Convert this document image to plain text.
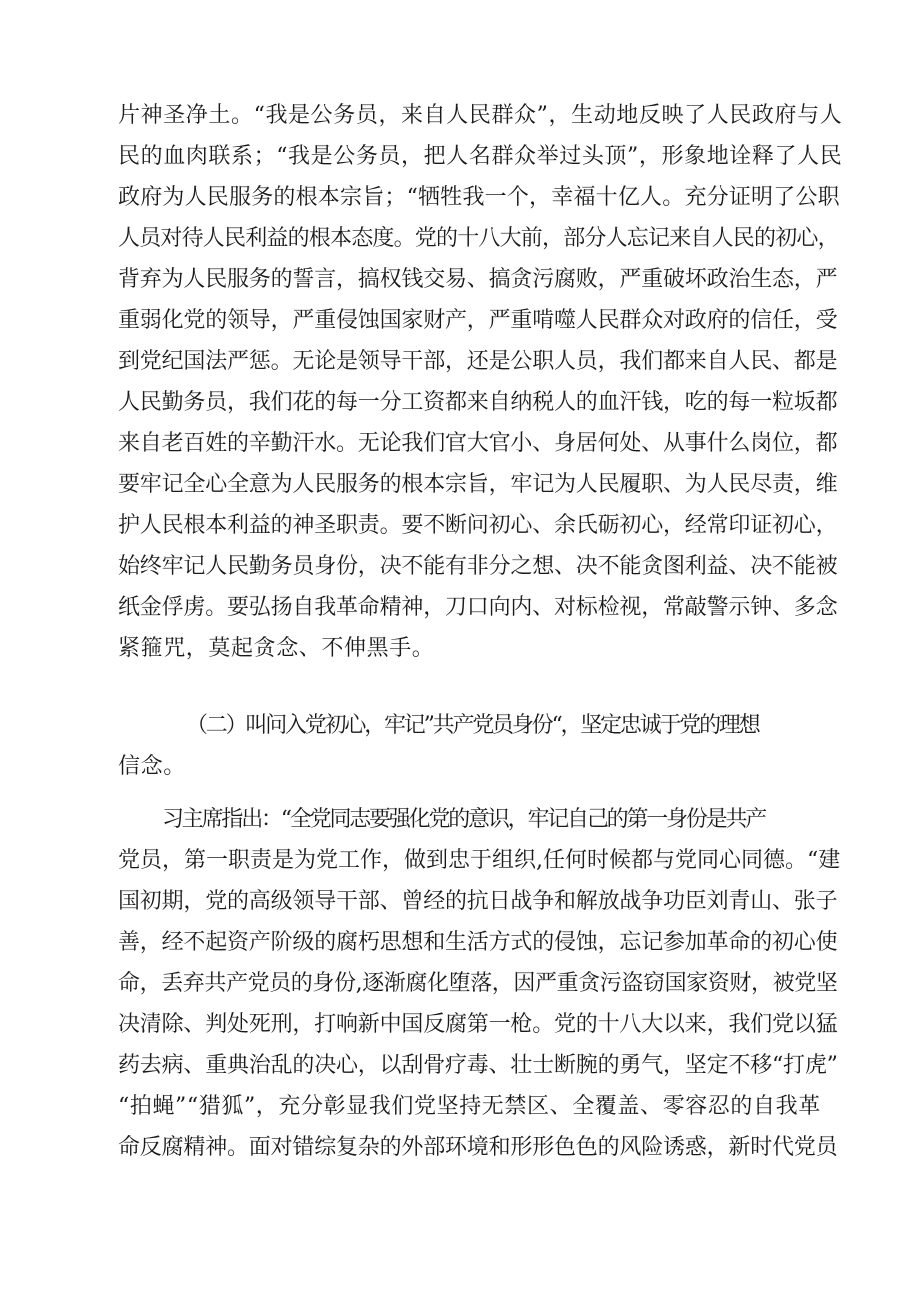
片神圣净土。“我是公务员，来自人民群众”，生动地反映了人民政府与人
民的血肉联系；“我是公务员，把人名群众举过头顶”，形象地诠释了人民
政府为人民服务的根本宗旨；“牺牲我一个，幸福十亿人。充分证明了公职
人员对待人民利益的根本态度。党的十八大前，部分人忘记来自人民的初心，
背弃为人民服务的誓言，搞权钱交易、搞贪污腐败，严重破坏政治生态，严
重弱化党的领导，严重侵蚀国家财产，严重啃噬人民群众对政府的信任，受
到党纪国法严惩。无论是领导干部，还是公职人员，我们都来自人民、都是
人民勤务员，我们花的每一分工资都来自纳税人的血汗钱，吃的每一粒坂都
来自老百姓的辛勤汗水。无论我们官大官小、身居何处、从事什么岗位，都
要牢记全心全意为人民服务的根本宗旨，牢记为人民履职、为人民尽责，维
护人民根本利益的神圣职责。要不断问初心、余氏砺初心，经常印证初心，
始终牢记人民勤务员身份，决不能有非分之想、决不能贪图利益、决不能被
纸金俘虏。要弘扬自我革命精神，刀口向内、对标检视，常敲警示钟、多念
紧箍咒，莫起贪念、不伸黑手。
（二）叫问入党初心，牢记”共产党员身份“，坚定忠诚于党的理想
信念。
习主席指出：“全党同志要强化党的意识，牢记自己的第一身份是共产
党员，第一职责是为党工作，做到忠于组织,任何时候都与党同心同德。“建
国初期，党的高级领导干部、曾经的抗日战争和解放战争功臣刘青山、张子
善，经不起资产阶级的腐朽思想和生活方式的侵蚀，忘记参加革命的初心使
命，丢弃共产党员的身份,逐渐腐化堕落，因严重贪污盗窃国家资财，被党坚
决清除、判处死刑，打响新中国反腐第一枪。党的十八大以来，我们党以猛
药去病、重典治乱的决心，以刮骨疗毒、壮士断腕的勇气，坚定不移“打虎”
“拍蝇”“猎狐”，充分彰显我们党坚持无禁区、全覆盖、零容忍的自我革
命反腐精神。面对错综复杂的外部环境和形形色色的风险诱惑，新时代党员
